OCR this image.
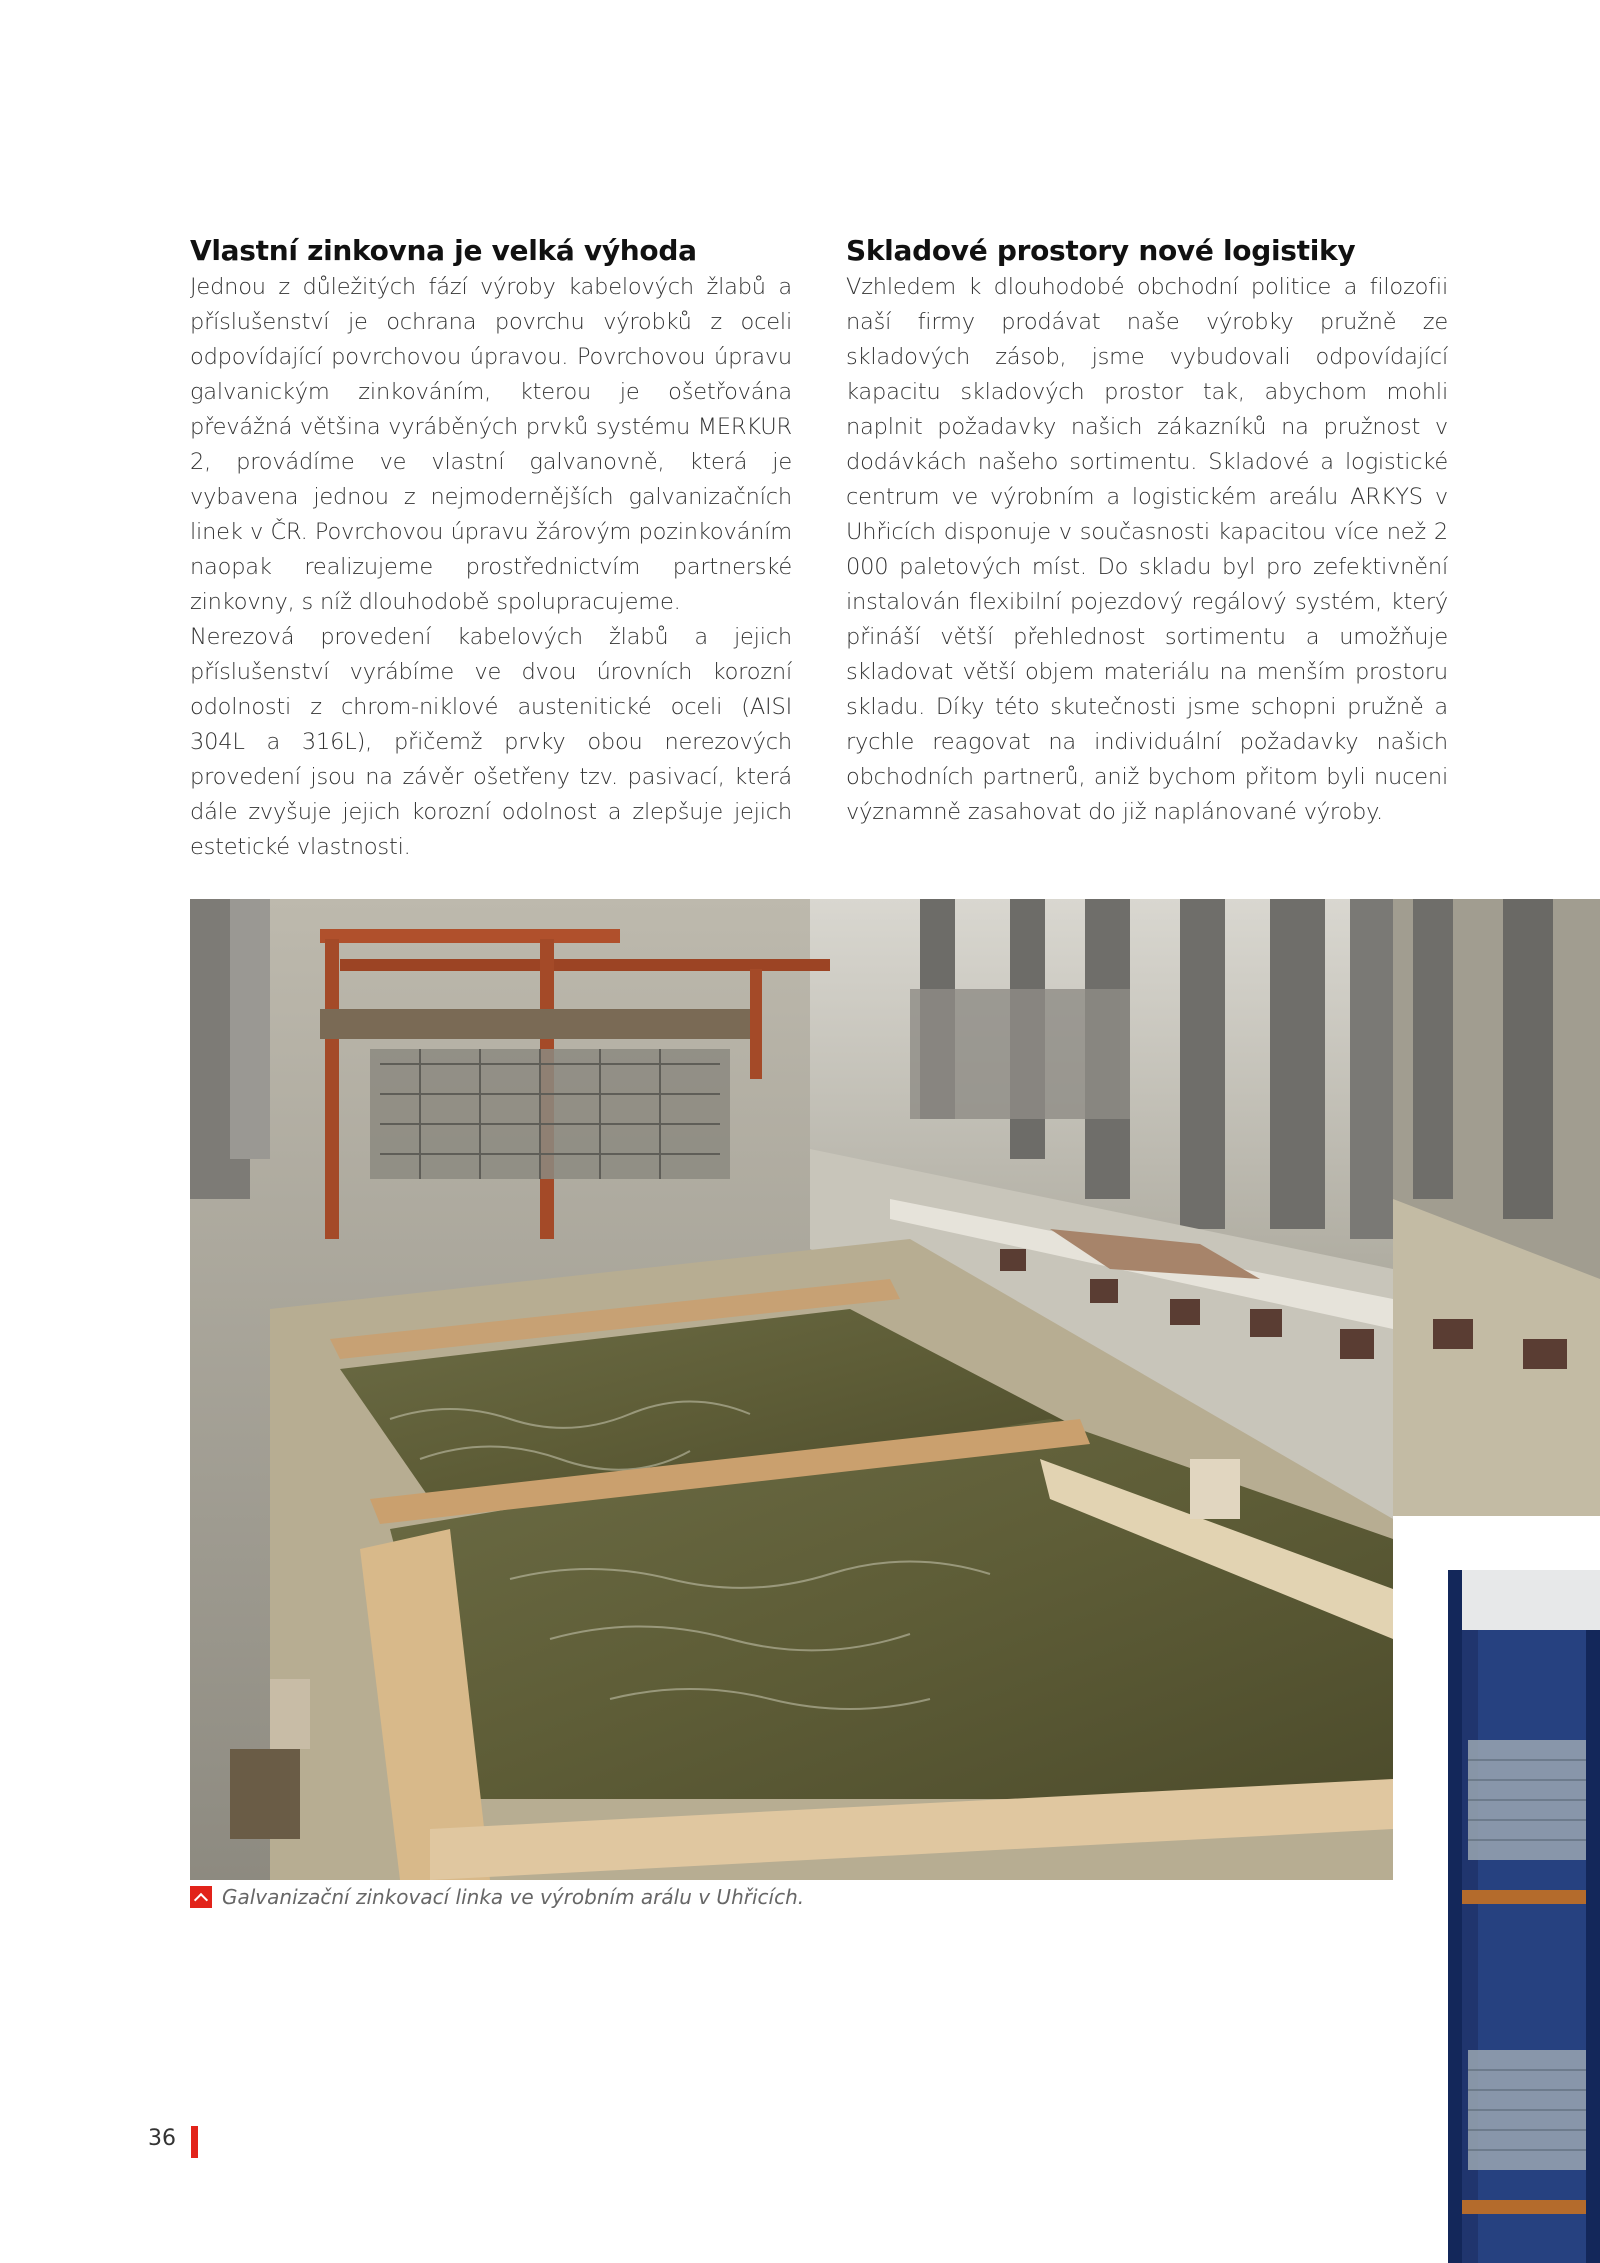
Vlastní zinkovna je velká výhoda

Jednou z důležitých fází výroby kabelových žlabů a příslušenství je ochrana povrchu výrobků z oceli odpovídající povrchovou úpravou. Povrchovou úpravu galvanickým zinkováním, kterou je ošetřována převážná většina vyráběných prvků systému MERKUR 2, provádíme ve vlastní galvanovně, která je vybavena jednou z nejmodernějších galvanizačních linek v ČR. Povrchovou úpravu žárovým pozinkováním naopak realizujeme prostřednictvím partnerské zinkovny, s níž dlouhodobě spolupracujeme.

Nerezová provedení kabelových žlabů a jejich příslušenství vyrábíme ve dvou úrovních korozní odolnosti z chrom-niklové austenitické oceli (AISI 304L a 316L), přičemž prvky obou nerezových provedení jsou na závěr ošetřeny tzv. pasivací, která dále zvyšuje jejich korozní odolnost a zlepšuje jejich estetické vlastnosti.

Skladové prostory nové logistiky

Vzhledem k dlouhodobé obchodní politice a filozofii naší firmy prodávat naše výrobky pružně ze skladových zásob, jsme vybudovali odpovídající kapacitu skladových prostor tak, abychom mohli naplnit požadavky našich zákazníků na pružnost v dodávkách našeho sortimentu. Skladové a logistické centrum ve výrobním a logistickém areálu ARKYS v Uhřicích disponuje v současnosti kapacitou více než 2 000 paletových míst. Do skladu byl pro zefektivnění instalován flexibilní pojezdový regálový systém, který přináší větší přehlednost sortimentu a umožňuje skladovat větší objem materiálu na menším prostoru skladu. Díky této skutečnosti jsme schopni pružně a rychle reagovat na individuální požadavky našich obchodních partnerů, aniž bychom přitom byli nuceni významně zasahovat do již naplánované výroby.

Galvanizační zinkovací linka ve výrobním arálu v Uhřicích.
36
